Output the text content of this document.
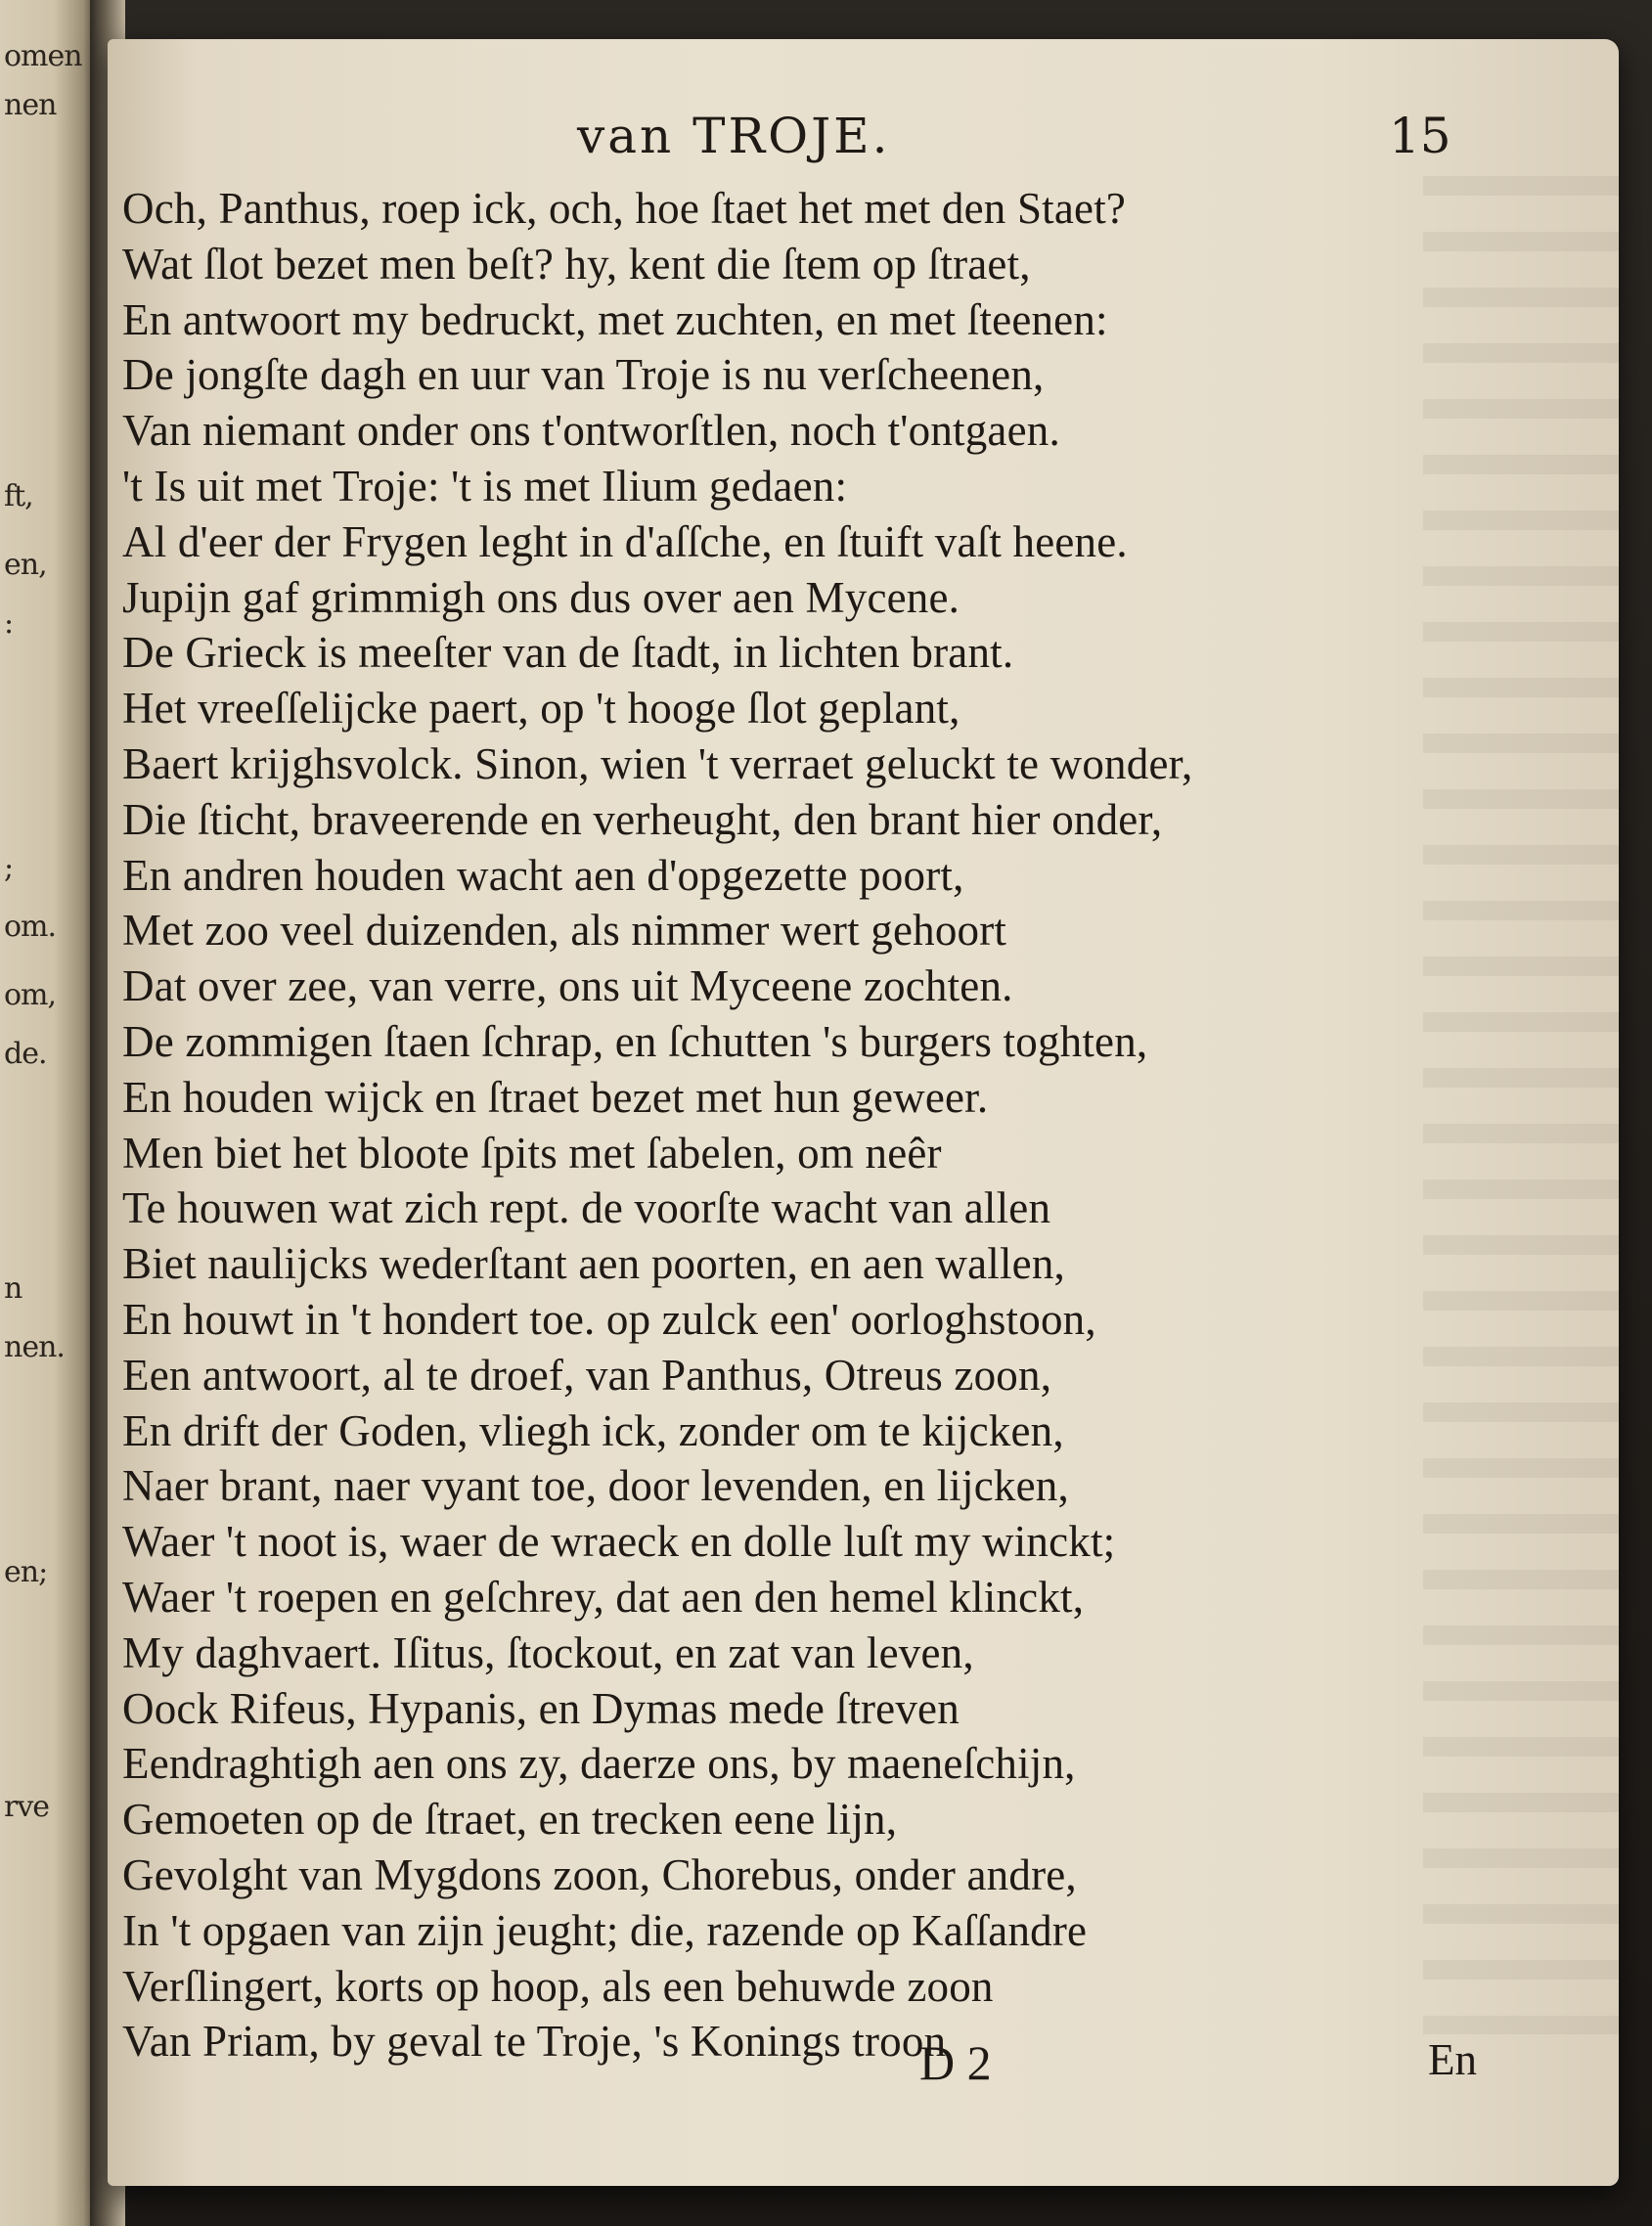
omen
nen
ft,
en,
:
;
om.
om,
de.
n
nen.
en;
rve
van TROJE.	15
Och, Panthus, roep ick, och, hoe ſtaet het met den Staet?
Wat ſlot bezet men beſt? hy, kent die ſtem op ſtraet,
En antwoort my bedruckt, met zuchten, en met ſteenen:
De jongſte dagh en uur van Troje is nu verſcheenen,
Van niemant onder ons t'ontworſtlen, noch t'ontgaen.
't Is uit met Troje: 't is met Ilium gedaen:
Al d'eer der Frygen leght in d'aſſche, en ſtuift vaſt heene.
Jupijn gaf grimmigh ons dus over aen Mycene.
De Grieck is meeſter van de ſtadt, in lichten brant.
Het vreeſſelijcke paert, op 't hooge ſlot geplant,
Baert krijghsvolck. Sinon, wien 't verraet geluckt te wonder,
Die ſticht, braveerende en verheught, den brant hier onder,
En andren houden wacht aen d'opgezette poort,
Met zoo veel duizenden, als nimmer wert gehoort
Dat over zee, van verre, ons uit Myceene zochten.
De zommigen ſtaen ſchrap, en ſchutten 's burgers toghten,
En houden wijck en ſtraet bezet met hun geweer.
Men biet het bloote ſpits met ſabelen, om neêr
Te houwen wat zich rept. de voorſte wacht van allen
Biet naulijcks wederſtant aen poorten, en aen wallen,
En houwt in 't hondert toe. op zulck een' oorloghstoon,
Een antwoort, al te droef, van Panthus, Otreus zoon,
En drift der Goden, vliegh ick, zonder om te kijcken,
Naer brant, naer vyant toe, door levenden, en lijcken,
Waer 't noot is, waer de wraeck en dolle luſt my winckt;
Waer 't roepen en geſchrey, dat aen den hemel klinckt,
My daghvaert. Iſitus, ſtockout, en zat van leven,
Oock Rifeus, Hypanis, en Dymas mede ſtreven
Eendraghtigh aen ons zy, daerze ons, by maeneſchijn,
Gemoeten op de ſtraet, en trecken eene lijn,
Gevolght van Mygdons zoon, Chorebus, onder andre,
In 't opgaen van zijn jeught; die, razende op Kaſſandre
Verſlingert, korts op hoop, als een behuwde zoon
Van Priam, by geval te Troje, 's Konings troon
D 2	En
